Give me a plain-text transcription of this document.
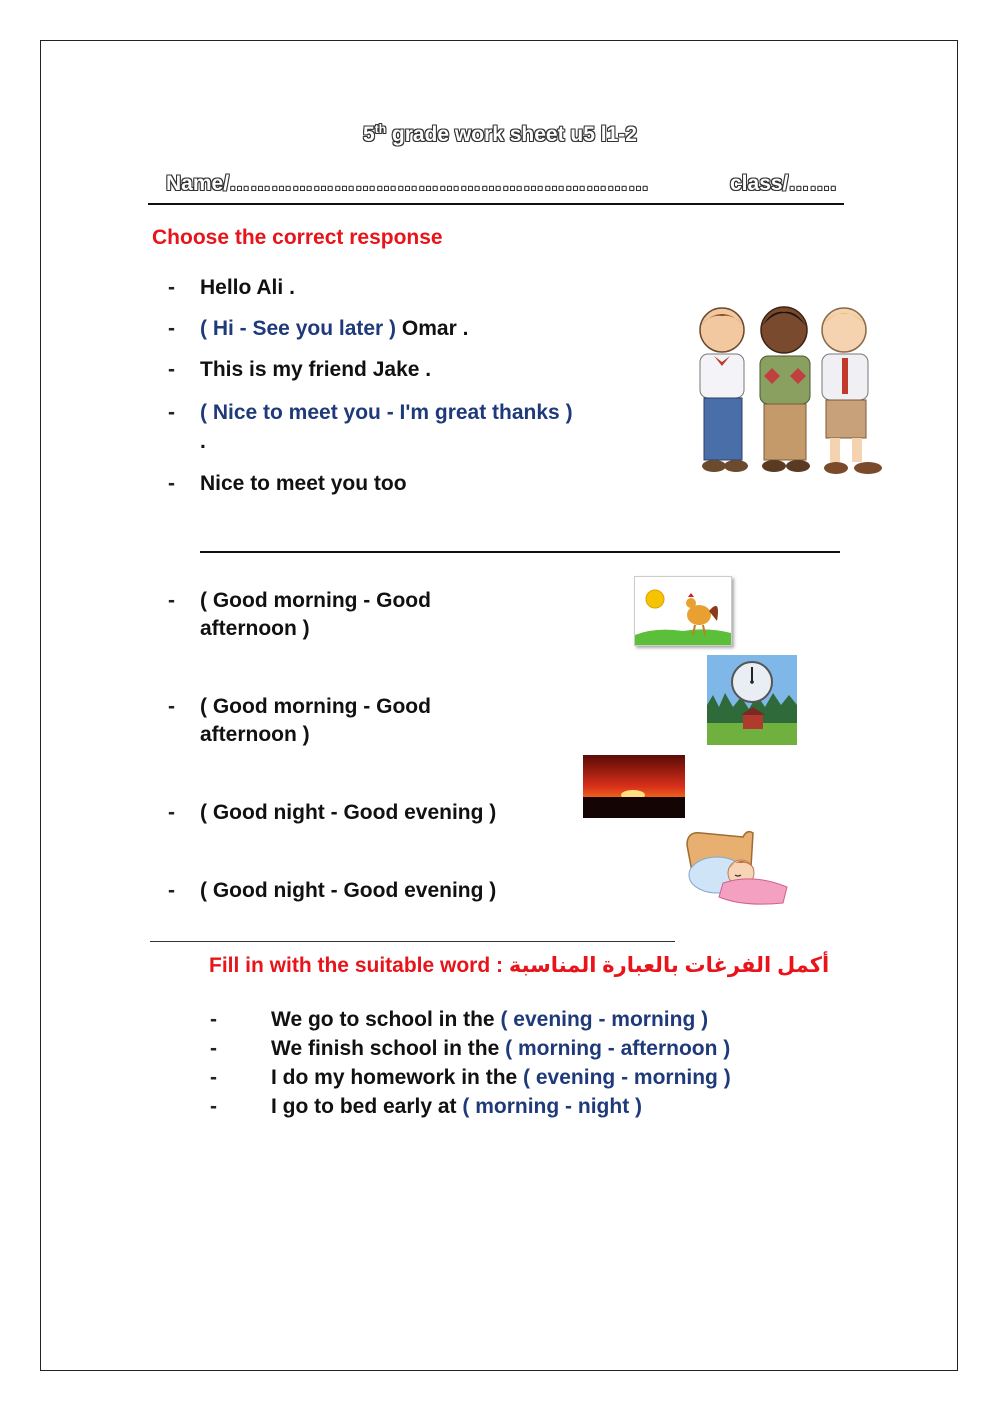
5th grade work sheet u5 l1-2
Name/……………………………………………………	class/…….
Choose the correct response
- Hello Ali .
- ( Hi - See you later ) Omar .
- This is my friend Jake .
- ( Nice to meet you - I'm great thanks )
.
- Nice to meet you too
- ( Good morning - Good
afternoon )
- ( Good morning - Good
afternoon )
- ( Good night - Good evening )
- ( Good night - Good evening )
Fill in with the suitable word : أكمل الفرغات بالعبارة المناسبة
-	We go to school in the ( evening - morning )
-	We finish school in the ( morning - afternoon )
-	I do my homework in the ( evening - morning )
-	I go to bed early at ( morning - night )
